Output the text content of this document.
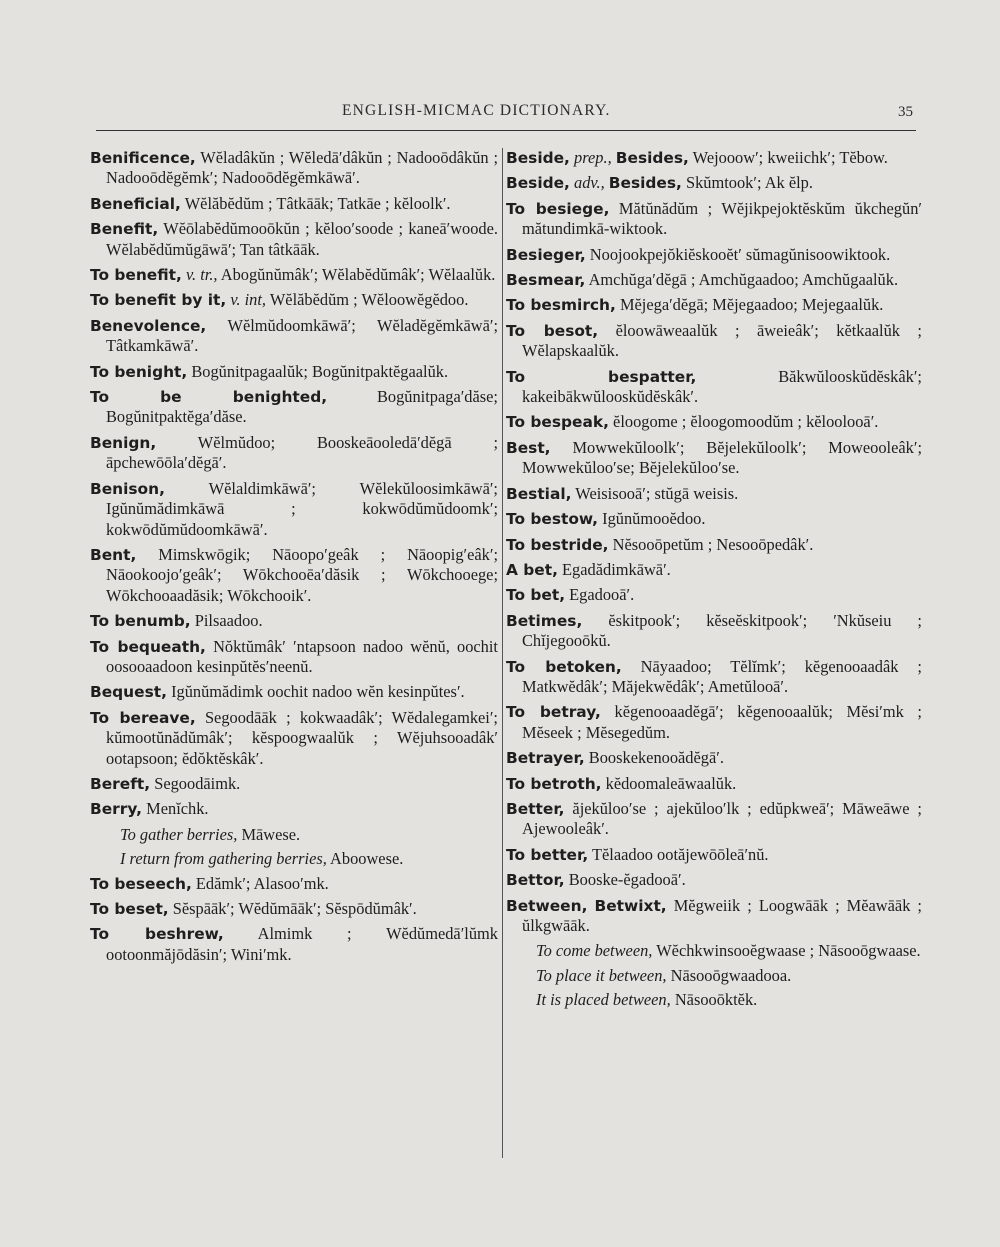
ENGLISH-MICMAC DICTIONARY.	35
Benificence, Wĕladâkŭn ; Wĕledā′dâkŭn ; Nadooōdâkŭn ; Nadooōdĕgĕmk′; Nadooōdĕgĕmkāwā′.
Beneficial, Wĕlăbĕdŭm ; Tâtkāāk; Tatkāe ; kĕloolk′.
Benefit, Wĕōlabĕdŭmooōkŭn ; kĕloo′soode ; kaneā′woode. Wĕlabĕdŭmŭgāwā′; Tan tâtkāāk.
To benefit, v. tr., Abogŭnŭmâk′; Wĕlabĕdŭmâk′; Wĕlaalŭk.
To benefit by it, v. int, Wĕlăbĕdŭm ; Wĕloowĕgĕdoo.
Benevolence, Wĕlmŭdoomkāwā′; Wĕladĕgĕmkāwā′; Tâtkamkāwā′.
To benight, Bogŭnitpagaalŭk; Bogŭnitpaktĕgaalŭk.
To be benighted,	Bogŭnitpaga′dăse; Bogŭnitpaktĕga′dăse.
Benign,	Wĕlmŭdoo; Booskeāooledā′dĕgā ; āpchewōōla′dĕgā′.
Benison,	Wĕlaldimkāwā′; Wĕlekŭloosimkāwā′; Igŭnŭmădimkāwā ; kokwōdŭmŭdoomk′; kokwōdŭmŭdoomkāwā′.
Bent, Mimskwōgik; Nāoopo′geâk ; Nāoopig′eâk′; Nāookoojo′geâk′; Wōkchooēa′dăsik ; Wōkchooege; Wōkchooaadăsik; Wōkchooik′.
To benumb, Pilsaadoo.
To bequeath, Nŏktŭmâk′ ′ntapsoon nadoo wĕnŭ, oochit oosooaadoon kesinpŭtĕs′neenŭ.
Bequest, Igŭnŭmădimk oochit nadoo wĕn kesinpŭtes′.
To bereave, Segoodāāk ; kokwaadâk′; Wĕdalegamkei′; kŭmootŭnădŭmâk′; kĕspoogwaalŭk ; Wĕjuhsooadâk′ ootapsoon; ĕdŏktĕskâk′.
Bereft, Segoodāimk.
Berry, Menĭchk.
To gather berries, Māwese.
I return from gathering berries, Aboowese.
To beseech, Edămk′; Alasoo′mk.
To beset, Sĕspāāk′; Wĕdŭmāāk′; Sĕspōdŭmâk′.
To beshrew, Almimk ; Wĕdŭmedā′lŭmk ootoonmăjōdăsin′; Wini′mk.
Beside, prep., Besides, Wejooow′; kweiichk′; Tĕbow.
Beside, adv., Besides, Skŭmtook′; Ak ĕlp.
To besiege, Mătŭnădŭm ; Wĕjikpejoktĕskŭm ŭkchegŭn′ mătundimkā-wiktook.
Besieger, Noojookpejŏkiĕskooĕt′ sŭmagŭnisoowiktook.
Besmear, Amchŭga′dĕgā ; Amchŭgaadoo; Amchŭgaalŭk.
To besmirch, Mĕjega′dĕgā; Mĕjegaadoo; Mejegaalŭk.
To besot, ĕloowāweaalŭk ; āweieâk′; kĕtkaalŭk ; Wĕlapskaalŭk.
To bespatter,	Băkwŭlooskŭdĕskâk′; kakeibākwŭlooskŭdĕskâk′.
To bespeak, ĕloogome ; ĕloogomoodŭm ; kĕloolooā′.
Best, Mowwekŭloolk′; Bĕjelekŭloolk′; Moweooleâk′; Mowwekŭloo′se; Bĕjelekŭloo′se.
Bestial, Weisisooā′; stŭgā weisis.
To bestow, Igŭnŭmooĕdoo.
To bestride, Nĕsooōpetŭm ; Nesooōpedâk′.
A bet, Egadădimkāwā′.
To bet, Egadooā′.
Betimes, ĕskitpook′; kĕseĕskitpook′; ′Nkŭseiu ; Chĭjegooōkŭ.
To betoken, Nāyaadoo; Tĕlĭmk′; kĕgenooaadâk ; Matkwĕdâk′; Măjekwĕdâk′; Ametŭlooā′.
To betray, kĕgenooaadĕgā′; kĕgenooaalŭk; Mĕsi′mk ; Mĕseek ; Mĕsegedŭm.
Betrayer, Booskekenooădĕgā′.
To betroth, kĕdoomaleāwaalŭk.
Better, ăjekŭloo′se ; ajekŭloo′lk ; edŭpkweā′; Māweāwe ; Ajewooleâk′.
To better, Tĕlaadoo ootăjewōōleā′nŭ.
Bettor, Booske-ĕgadooā′.
Between, Betwixt, Mĕgweiik ; Loogwāāk ; Mĕawāāk ; ŭlkgwāāk.
To come between, Wĕchkwinsooĕgwaase ; Nāsooōgwaase.
To place it between, Nāsooōgwaadooa.
It is placed between, Nāsooōktĕk.
